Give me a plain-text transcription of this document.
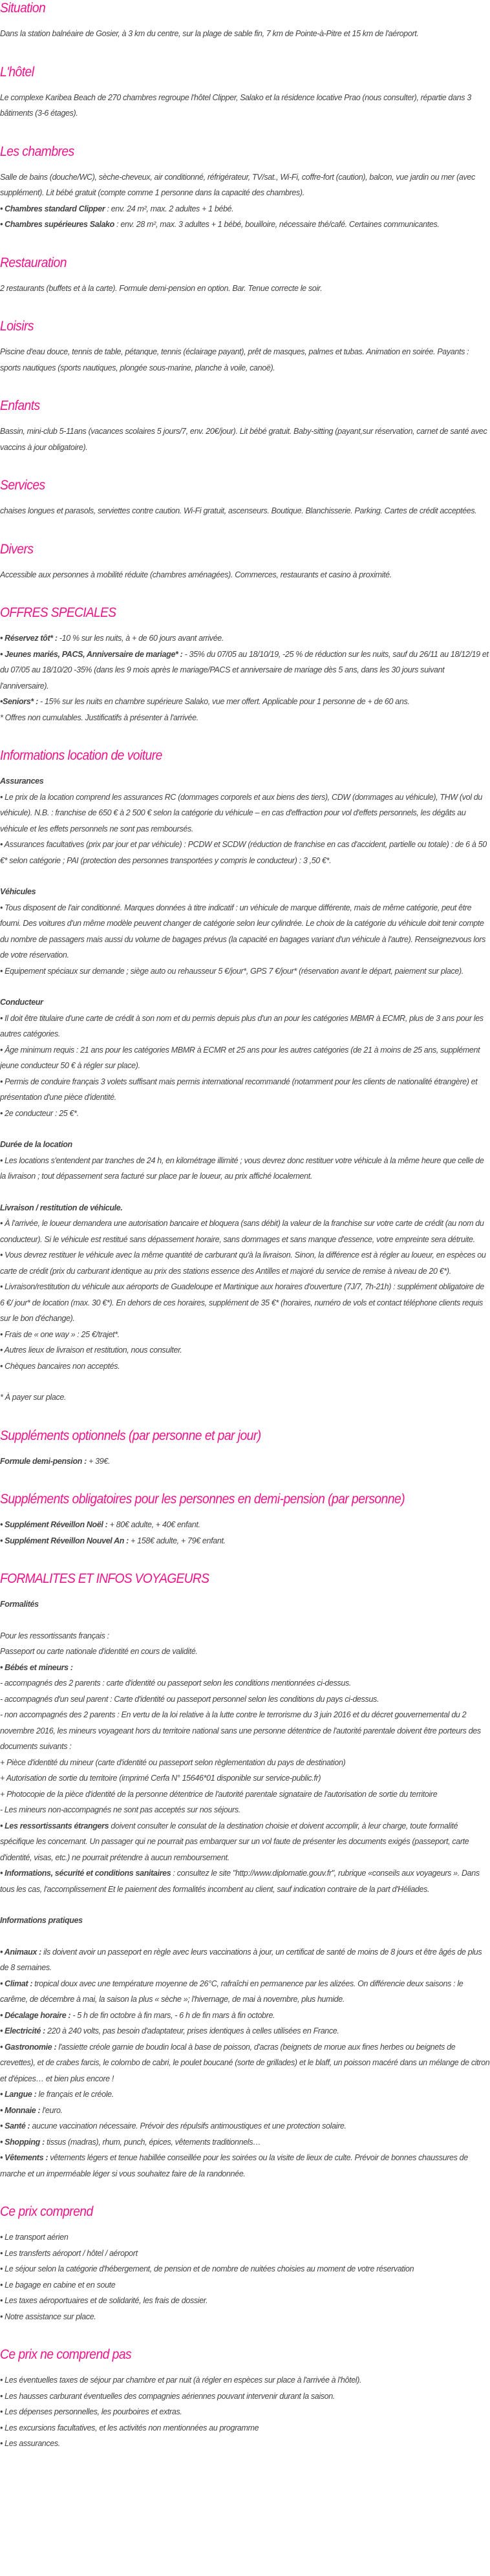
Situation

Dans la station balnéaire de Gosier, à 3 km du centre, sur la plage de sable fin, 7 km de Pointe-à-Pitre et 15 km de l'aéroport.

L'hôtel

Le complexe Karibea Beach de 270 chambres regroupe l'hôtel Clipper, Salako et la résidence locative Prao (nous consulter), répartie dans 3 bâtiments (3-6 étages).

Les chambres

Salle de bains (douche/WC), sèche-cheveux, air conditionné, réfrigérateur, TV/sat., Wi-Fi, coffre-fort (caution), balcon, vue jardin ou mer (avec supplément). Lit bébé gratuit (compte comme 1 personne dans la capacité des chambres).

• Chambres standard Clipper : env. 24 m², max. 2 adultes + 1 bébé.

• Chambres supérieures Salako : env. 28 m², max. 3 adultes + 1 bébé, bouilloire, nécessaire thé/café. Certaines communicantes.

Restauration

2 restaurants (buffets et à la carte). Formule demi-pension en option. Bar. Tenue correcte le soir.

Loisirs

Piscine d'eau douce, tennis de table, pétanque, tennis (éclairage payant), prêt de masques, palmes et tubas. Animation en soirée. Payants : sports nautiques (sports nautiques, plongée sous-marine, planche à voile, canoë).

Enfants

Bassin, mini-club 5-11ans (vacances scolaires 5 jours/7, env. 20€/jour). Lit bébé gratuit. Baby-sitting (payant,sur réservation, carnet de santé avec vaccins à jour obligatoire).

Services

chaises longues et parasols, serviettes contre caution. Wi-Fi gratuit, ascenseurs. Boutique. Blanchisserie. Parking. Cartes de crédit acceptées.

Divers

Accessible aux personnes à mobilité réduite (chambres aménagées). Commerces, restaurants et casino à proximité.

OFFRES SPECIALES

• Réservez tôt* : -10 % sur les nuits, à + de 60 jours avant arrivée.

• Jeunes mariés, PACS, Anniversaire de mariage* : - 35% du 07/05 au 18/10/19, -25 % de réduction sur les nuits, sauf du 26/11 au 18/12/19 et du 07/05 au 18/10/20 -35% (dans les 9 mois après le mariage/PACS et anniversaire de mariage dès 5 ans, dans les 30 jours suivant l'anniversaire).

•Seniors* : - 15% sur les nuits en chambre supérieure Salako, vue mer offert. Applicable pour 1 personne de + de 60 ans.

* Offres non cumulables. Justificatifs à présenter à l'arrivée.

Informations location de voiture

Assurances

• Le prix de la location comprend les assurances RC (dommages corporels et aux biens des tiers), CDW (dommages au véhicule), THW (vol du véhicule). N.B. : franchise de 650 € à 2 500 € selon la catégorie du véhicule – en cas d'effraction pour vol d'effets personnels, les dégâts au véhicule et les effets personnels ne sont pas remboursés.

• Assurances facultatives (prix par jour et par véhicule) : PCDW et SCDW (réduction de franchise en cas d'accident, partielle ou totale) : de 6 à 50 €* selon catégorie ; PAI (protection des personnes transportées y compris le conducteur) : 3 ,50 €*.

Véhicules

• Tous disposent de l'air conditionné. Marques données à titre indicatif : un véhicule de marque différente, mais de même catégorie, peut être fourni. Des voitures d'un même modèle peuvent changer de catégorie selon leur cylindrée. Le choix de la catégorie du véhicule doit tenir compte du nombre de passagers mais aussi du volume de bagages prévus (la capacité en bagages variant d'un véhicule à l'autre). Renseignezvous lors de votre réservation.

• Equipement spéciaux sur demande ; siège auto ou rehausseur 5 €/jour*, GPS 7 €/jour* (réservation avant le départ, paiement sur place).

Conducteur

• Il doit être titulaire d'une carte de crédit à son nom et du permis depuis plus d'un an pour les catégories MBMR à ECMR, plus de 3 ans pour les autres catégories.

• Âge minimum requis : 21 ans pour les catégories MBMR à ECMR et 25 ans pour les autres catégories (de 21 à moins de 25 ans, supplément jeune conducteur 50 € à régler sur place).

• Permis de conduire français 3 volets suffisant mais permis international recommandé (notamment pour les clients de nationalité étrangère) et présentation d'une pièce d'identité.

• 2e conducteur : 25 €*.

Durée de la location

• Les locations s'entendent par tranches de 24 h, en kilométrage illimité ; vous devrez donc restituer votre véhicule à la même heure que celle de la livraison ; tout dépassement sera facturé sur place par le loueur, au prix affiché localement.

Livraison / restitution de véhicule.

• À l'arrivée, le loueur demandera une autorisation bancaire et bloquera (sans débit) la valeur de la franchise sur votre carte de crédit (au nom du conducteur). Si le véhicule est restitué sans dépassement horaire, sans dommages et sans manque d'essence, votre empreinte sera détruite.

• Vous devrez restituer le véhicule avec la même quantité de carburant qu'à la livraison. Sinon, la différence est à régler au loueur, en espèces ou carte de crédit (prix du carburant identique au prix des stations essence des Antilles et majoré du service de remise à niveau de 20 €*).

• Livraison/restitution du véhicule aux aéroports de Guadeloupe et Martinique aux horaires d'ouverture (7J/7, 7h-21h) : supplément obligatoire de 6 €/ jour* de location (max. 30 €*). En dehors de ces horaires, supplément de 35 €* (horaires, numéro de vols et contact téléphone clients requis sur le bon d'échange).

• Frais de « one way » : 25 €/trajet*.

• Autres lieux de livraison et restitution, nous consulter.

• Chèques bancaires non acceptés.

* À payer sur place.

Suppléments optionnels (par personne et par jour)

Formule demi-pension : + 39€.

Suppléments obligatoires pour les personnes en demi-pension (par personne)

• Supplément Réveillon Noël : + 80€ adulte, + 40€ enfant.

• Supplément Réveillon Nouvel An : + 158€ adulte, + 79€ enfant.

FORMALITES ET INFOS VOYAGEURS

Formalités

Pour les ressortissants français :

Passeport ou carte nationale d'identité en cours de validité.

• Bébés et mineurs :

- accompagnés des 2 parents : carte d'identité ou passeport selon les conditions mentionnées ci-dessus.

- accompagnés d'un seul parent : Carte d'identité ou passeport personnel selon les conditions du pays ci-dessus.

- non accompagnés des 2 parents : En vertu de la loi relative à la lutte contre le terrorisme du 3 juin 2016 et du décret gouvernemental du 2 novembre 2016, les mineurs voyageant hors du territoire national sans une personne détentrice de l'autorité parentale doivent être porteurs des documents suivants :

+ Pièce d'identité du mineur (carte d'identité ou passeport selon règlementation du pays de destination)

+ Autorisation de sortie du territoire (imprimé Cerfa N° 15646*01 disponible sur service-public.fr)

+ Photocopie de la pièce d'identité de la personne détentrice de l'autorité parentale signataire de l'autorisation de sortie du territoire

- Les mineurs non-accompagnés ne sont pas acceptés sur nos séjours.

• Les ressortissants étrangers doivent consulter le consulat de la destination choisie et doivent accomplir, à leur charge, toute formalité spécifique les concernant. Un passager qui ne pourrait pas embarquer sur un vol faute de présenter les documents exigés (passeport, carte d'identité, visas, etc.) ne pourrait prétendre à aucun remboursement.

• Informations, sécurité et conditions sanitaires : consultez le site "http://www.diplomatie.gouv.fr", rubrique «conseils aux voyageurs ». Dans tous les cas, l'accomplissement Et le paiement des formalités incombent au client, sauf indication contraire de la part d'Héliades.

Informations pratiques

• Animaux : ils doivent avoir un passeport en règle avec leurs vaccinations à jour, un certificat de santé de moins de 8 jours et être âgés de plus de 8 semaines.

• Climat : tropical doux avec une température moyenne de 26°C, rafraîchi en permanence par les alizées. On différencie deux saisons : le carême, de décembre à mai, la saison la plus « sèche »; l'hivernage, de mai à novembre, plus humide.

• Décalage horaire : - 5 h de fin octobre à fin mars, - 6 h de fin mars à fin octobre.

• Electricité : 220 à 240 volts, pas besoin d'adaptateur, prises identiques à celles utilisées en France.

• Gastronomie : l'assiette créole garnie de boudin local à base de poisson, d'acras (beignets de morue aux fines herbes ou beignets de crevettes), et de crabes farcis, le colombo de cabri, le poulet boucané (sorte de grillades) et le blaff, un poisson macéré dans un mélange de citron et d'épices… et bien plus encore !

• Langue : le français et le créole.

• Monnaie : l'euro.

• Santé : aucune vaccination nécessaire. Prévoir des répulsifs antimoustiques et une protection solaire.

• Shopping : tissus (madras), rhum, punch, épices, vêtements traditionnels…

• Vêtements : vêtements légers et tenue habillée conseillée pour les soirées ou la visite de lieux de culte. Prévoir de bonnes chaussures de marche et un imperméable léger si vous souhaitez faire de la randonnée.

Ce prix comprend

• Le transport aérien

• Les transferts aéroport / hôtel / aéroport

• Le séjour selon la catégorie d'hébergement, de pension et de nombre de nuitées choisies au moment de votre réservation

• Le bagage en cabine et en soute

• Les taxes aéroportuaires et de solidarité, les frais de dossier.

• Notre assistance sur place.

Ce prix ne comprend pas

• Les éventuelles taxes de séjour par chambre et par nuit (à régler en espèces sur place à l'arrivée à l'hôtel).

• Les hausses carburant éventuelles des compagnies aériennes pouvant intervenir durant la saison.

• Les dépenses personnelles, les pourboires et extras.

• Les excursions facultatives, et les activités non mentionnées au programme

• Les assurances.
